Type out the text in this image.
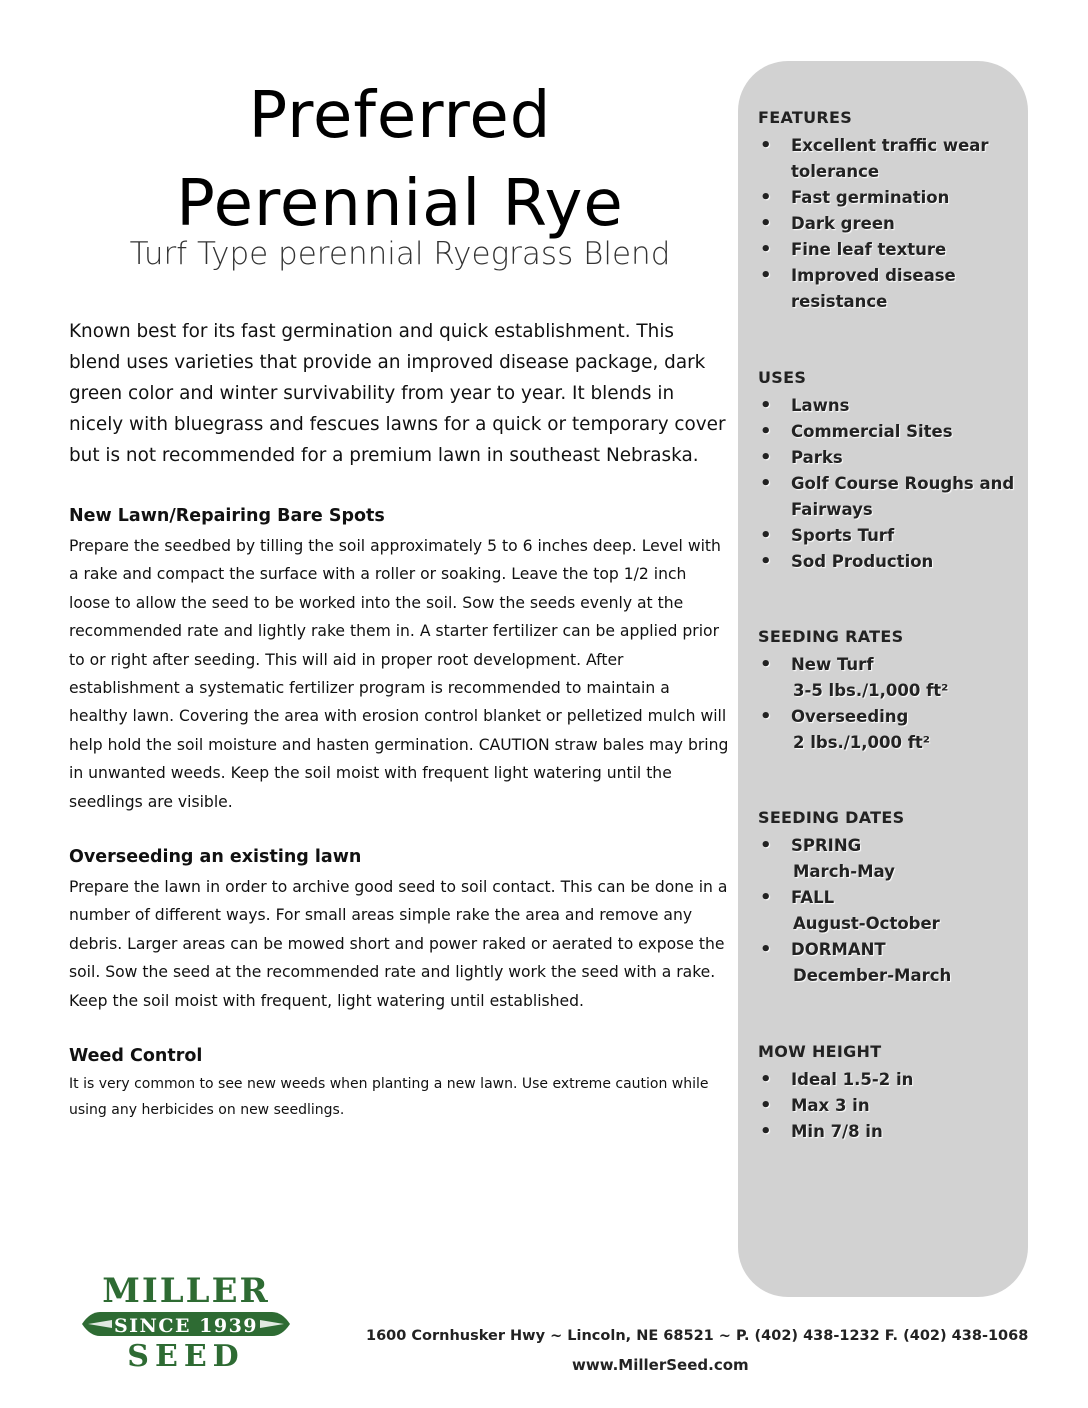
Preferred
Perennial Rye
Turf Type perennial Ryegrass Blend
Known best for its fast germination and quick establishment. This blend uses varieties that provide an improved disease package, dark green color and winter survivability from year to year. It blends in nicely with bluegrass and fescues lawns for a quick or temporary cover but is not recommended for a premium lawn in southeast Nebraska.
New Lawn/Repairing Bare Spots
Prepare the seedbed by tilling the soil approximately 5 to 6 inches deep. Level with a rake and compact the surface with a roller or soaking. Leave the top 1/2 inch loose to allow the seed to be worked into the soil. Sow the seeds evenly at the recommended rate and lightly rake them in. A starter fertilizer can be applied prior to or right after seeding. This will aid in proper root development. After establishment a systematic fertilizer program is recommended to maintain a healthy lawn. Covering the area with erosion control blanket or pelletized mulch will help hold the soil moisture and hasten germination. CAUTION straw bales may bring in unwanted weeds. Keep the soil moist with frequent light watering until the seedlings are visible.
Overseeding an existing lawn
Prepare the lawn in order to archive good seed to soil contact. This can be done in a number of different ways. For small areas simple rake the area and remove any debris. Larger areas can be mowed short and power raked or aerated to expose the soil. Sow the seed at the recommended rate and lightly work the seed with a rake. Keep the soil moist with frequent, light watering until established.
Weed Control
It is very common to see new weeds when planting a new lawn. Use extreme caution while using any herbicides on new seedlings.
FEATURES
• Excellent traffic wear tolerance
• Fast germination
• Dark green
• Fine leaf texture
• Improved disease resistance
USES
• Lawns
• Commercial Sites
• Parks
• Golf Course Roughs and Fairways
• Sports Turf
• Sod Production
SEEDING RATES
• New Turf
3-5 lbs./1,000 ft²
• Overseeding
2 lbs./1,000 ft²
SEEDING DATES
• SPRING
March-May
• FALL
August-October
• DORMANT
December-March
MOW HEIGHT
• Ideal 1.5-2 in
• Max 3 in
• Min 7/8 in
MILLER
SINCE 1939
SEED
1600 Cornhusker Hwy ~ Lincoln, NE 68521 ~ P. (402) 438-1232 F. (402) 438-1068
www.MillerSeed.com
